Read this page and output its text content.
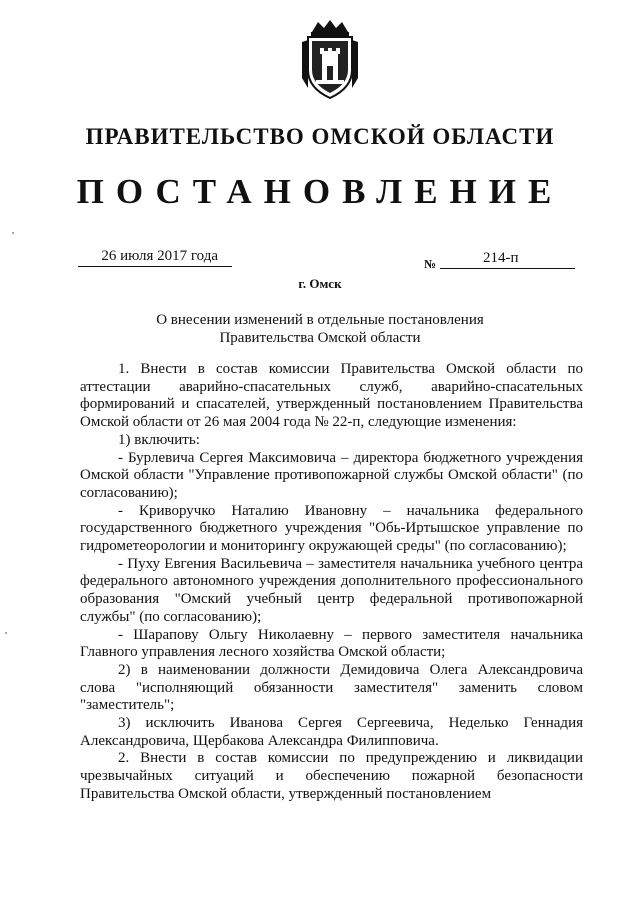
ПРАВИТЕЛЬСТВО ОМСКОЙ ОБЛАСТИ
ПОСТАНОВЛЕНИЕ
26 июля 2017 года	№	214-п
г. Омск
О внесении изменений в отдельные постановления
Правительства Омской области

1. Внести в состав комиссии Правительства Омской области по аттестации аварийно-спасательных служб, аварийно-спасательных формирований и спасателей, утвержденный постановлением Правительства Омской области от 26 мая 2004 года № 22-п, следующие изменения:

1) включить:

- Бурлевича Сергея Максимовича – директора бюджетного учреждения Омской области "Управление противопожарной службы Омской области" (по согласованию);

- Криворучко Наталию Ивановну – начальника федерального государственного бюджетного учреждения "Обь-Иртышское управление по гидрометеорологии и мониторингу окружающей среды" (по согласованию);

- Пуху Евгения Васильевича – заместителя начальника учебного центра федерального автономного учреждения дополнительного профессионального образования "Омский учебный центр федеральной противопожарной службы" (по согласованию);

- Шарапову Ольгу Николаевну – первого заместителя начальника Главного управления лесного хозяйства Омской области;

2) в наименовании должности Демидовича Олега Александровича слова "исполняющий обязанности заместителя" заменить словом "заместитель";

3) исключить Иванова Сергея Сергеевича, Неделько Геннадия Александровича, Щербакова Александра Филипповича.

2. Внести в состав комиссии по предупреждению и ликвидации чрезвычайных ситуаций и обеспечению пожарной безопасности Правительства Омской области, утвержденный постановлением
